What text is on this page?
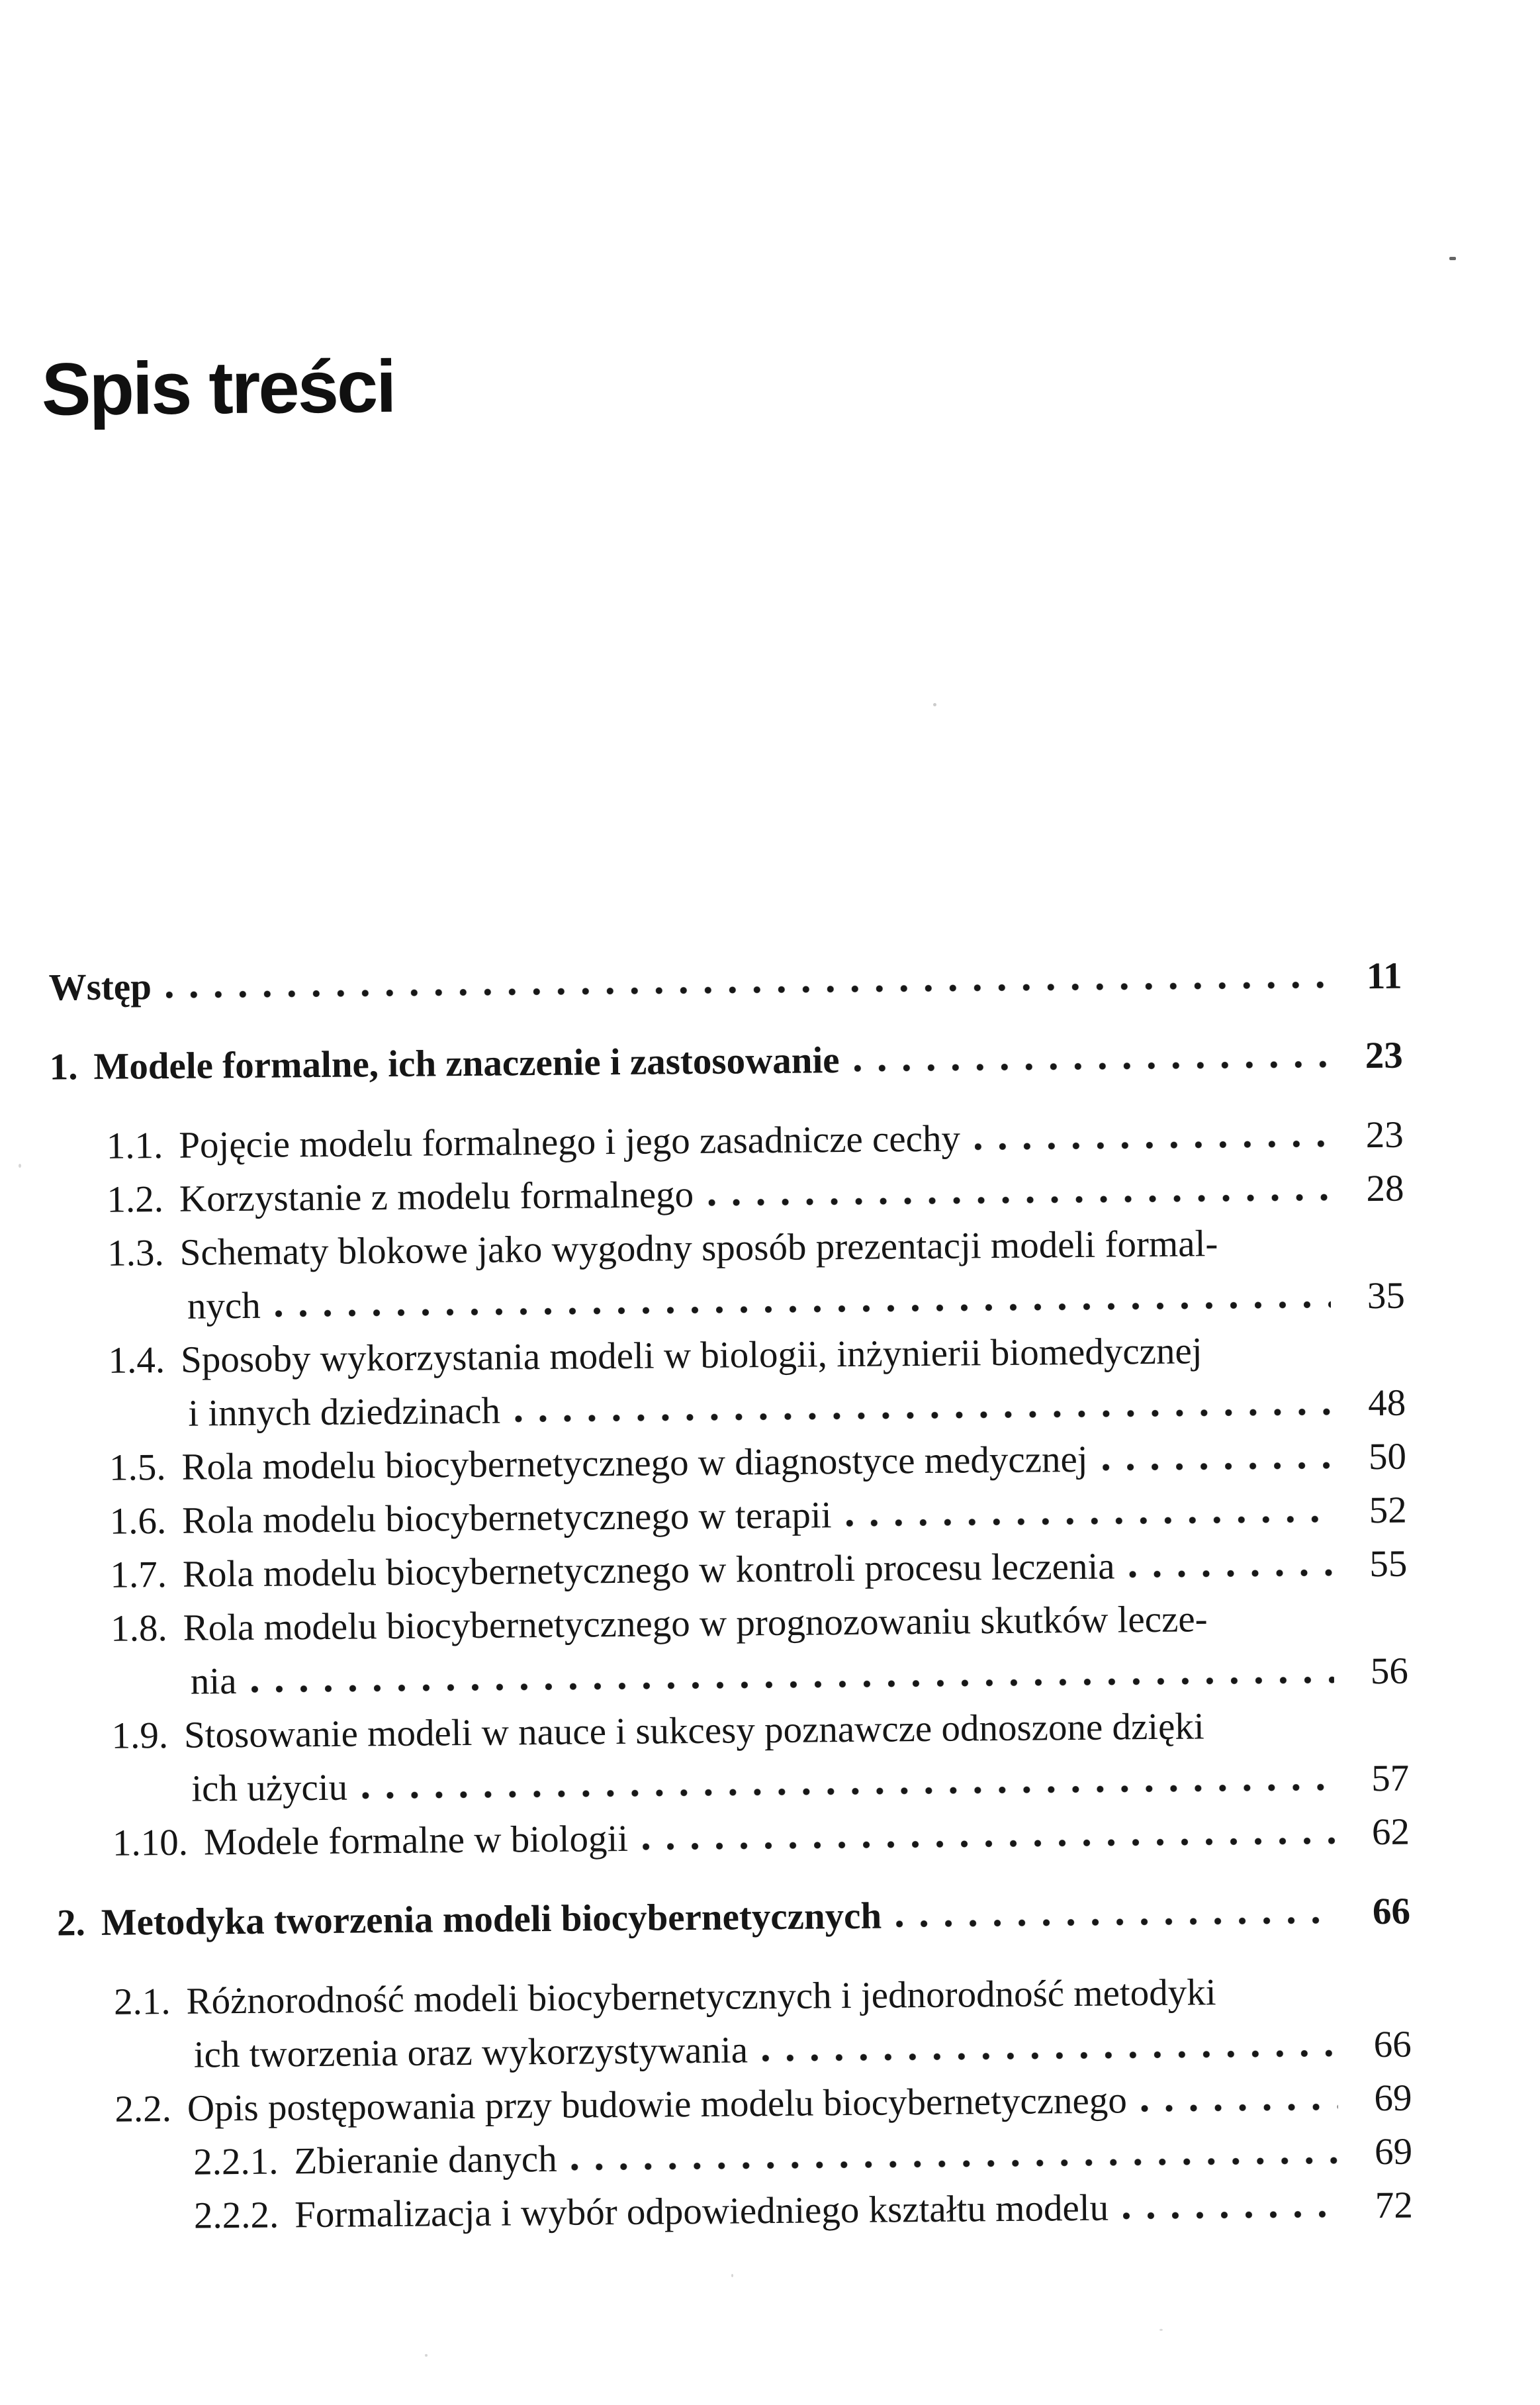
Spis treści
Wstęp	11
1. Modele formalne, ich znaczenie i zastosowanie	23
1.1. Pojęcie modelu formalnego i jego zasadnicze cechy	23
1.2. Korzystanie z modelu formalnego	28
1.3. Schematy blokowe jako wygodny sposób prezentacji modeli formal-
nych	35
1.4. Sposoby wykorzystania modeli w biologii, inżynierii biomedycznej
i innych dziedzinach	48
1.5. Rola modelu biocybernetycznego w diagnostyce medycznej	50
1.6. Rola modelu biocybernetycznego w terapii	52
1.7. Rola modelu biocybernetycznego w kontroli procesu leczenia	55
1.8. Rola modelu biocybernetycznego w prognozowaniu skutków lecze-
nia	56
1.9. Stosowanie modeli w nauce i sukcesy poznawcze odnoszone dzięki
ich użyciu	57
1.10. Modele formalne w biologii	62
2. Metodyka tworzenia modeli biocybernetycznych	66
2.1. Różnorodność modeli biocybernetycznych i jednorodność metodyki
ich tworzenia oraz wykorzystywania	66
2.2. Opis postępowania przy budowie modelu biocybernetycznego	69
2.2.1. Zbieranie danych	69
2.2.2. Formalizacja i wybór odpowiedniego kształtu modelu	72
